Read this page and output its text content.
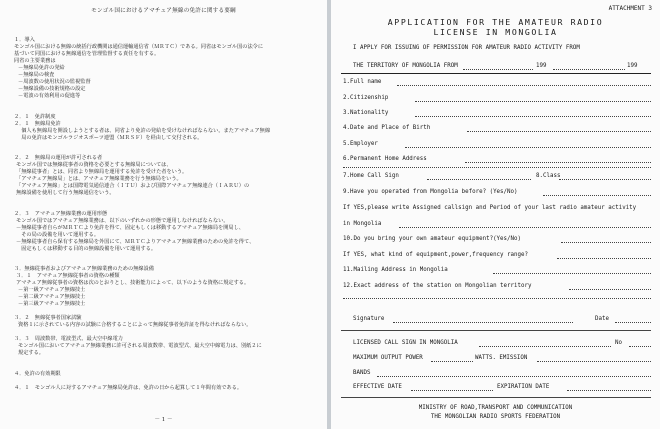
モンゴル国におけるアマチュア無線の免許に関する要綱
１．導入
モンゴル国における無線の統括行政機関は通信運輸通信省（ＭＲＴＣ）である。同省はモンゴル国の法令に
基づいて同国における無線通信を管理監督する責任を有する。
同省の主要業務は
－無線局免許の発給
－無線局の検査
－周波数の使用状況の監視監督
－無線設備の技術規格の設定
－電波の有効利用の促進等
２．１　免許制度
２．１　無線局免許
　個人も無線局を開設しようとする者は、同省より免許の発給を受けなければならない。またアマチュア無線
　局の免許はモンゴルラジオスポーツ連盟（ＭＲＳＦ）を経由して交付される。
２．２　無線局の運用が許可される者
モンゴル国では無線従事者の資格を必要とする無線局については、
「無線従事者」とは、同省より無線局を運用する免許を受けた者をいう。
「アマチュア無線局」とは、アマチュア無線業務を行う無線局をいう。
「アマチュア無線」とは国際電気通信連合（ＩＴＵ）および国際アマチュア無線連合（ＩＡＲＵ）の
無線設備を使用して行う無線通信をいう。
２．３　アマチュア無線業務の運用形態
モンゴル国ではアマチュア無線業務は、以下のいずれかの形態で運用しなければならない。
－無線従事者自らがＭＲＴＣより免許を得て、固定もしくは移動するアマチュア無線局を開局し、
　その局の設備を用いて運用する。
－無線従事者自ら保有する無線局を外国にて、ＭＲＴＣよりアマチュア無線業務のための免許を得て、
　固定もしくは移動する目的の無線設備を用いて運用する。
３．無線従事者およびアマチュア無線業務のための無線設備
３．１　アマチュア無線従事者の資格の種類
アマチュア無線従事者の資格は次のとおりとし、技術能力によって、以下のような資格に規定する。
－第一級アマチュア無線技士
－第二級アマチュア無線技士
－第三級アマチュア無線技士
３．２　無線従事者国家試験
資格１に示されている内容の試験に合格することによって無線従事者免許証を得なければならない。
３．３　周波数帯、電波型式、最大空中線電力
モンゴル国においてアマチュア無線業務に許可される周波数帯、電波型式、最大空中線電力は、別紙２に
規定する。
４．免許の有効期限
４．１　モンゴル人に対するアマチュア無線局免許は、免許の日から起算して１年間有効である。
－ 1 －
ATTACHMENT 3
APPLICATION FOR THE AMATEUR RADIO
LICENSE IN MONGOLIA
I APPLY FOR ISSUING OF PERMISSION FOR AMATEUR RADIO ACTIVITY FROM
THE TERRITORY OF MONGOLIA FROM	199	199
1.Full name
2.Citizenship
3.Nationality
4.Date and Place of Birth
5.Employer
6.Permanent Home Address
7.Home Call Sign
9.Have you operated from Mongolia before? (Yes/No)
If YES,please write Assigned callsign and Period of your last radio amateur activity
in Mongolia
10.Do you bring your own amateur equipment?(Yes/No)
If YES, what kind of equipment,power,frequency range?
11.Mailing Address in Mongolia
12.Exact address of the station on Mongolian territory
8.Class
Signature	Date
LICENSED CALL SIGN IN MONGOLIA	No
MAXIMUM OUTPUT POWER	WATTS. EMISSION
BANDS
EFFECTIVE DATE	EXPIRATION DATE
MINISTRY OF ROAD,TRANSPORT AND COMMUNICATION
THE MONGOLIAN RADIO SPORTS FEDERATION
